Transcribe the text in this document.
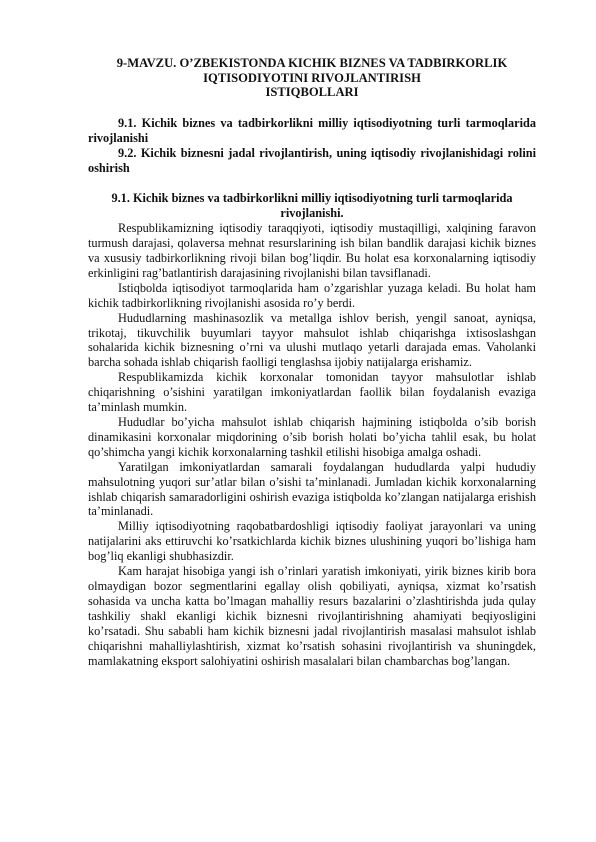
9-MAVZU. O’ZBEKISTONDA KICHIK BIZNES VA TADBIRKORLIK
IQTISODIYOTINI RIVOJLANTIRISH
ISTIQBOLLARI

9.1. Kichik biznes va tadbirkorlikni milliy iqtisodiyotning turli tarmoqlarida rivojlanishi

9.2. Kichik biznesni jadal rivojlantirish, uning iqtisodiy rivojlanishidagi rolini oshirish

9.1. Kichik biznes va tadbirkorlikni milliy iqtisodiyotning turli tarmoqlarida rivojlanishi.

Respublikamizning iqtisodiy taraqqiyoti, iqtisodiy mustaqilligi, xalqining faravon turmush darajasi, qolaversa mehnat resurslarining ish bilan bandlik darajasi kichik biznes va xususiy tadbirkorlikning rivoji bilan bog’liqdir. Bu holat esa korxonalarning iqtisodiy erkinligini rag’batlantirish darajasining rivojlanishi bilan tavsiflanadi.

Istiqbolda iqtisodiyot tarmoqlarida ham o’zgarishlar yuzaga keladi. Bu holat ham kichik tadbirkorlikning rivojlanishi asosida ro’y berdi.

Hududlarning mashinasozlik va metallga ishlov berish, yengil sanoat, ayniqsa, trikotaj, tikuvchilik buyumlari tayyor mahsulot ishlab chiqarishga ixtisoslashgan sohalarida kichik biznesning o’rni va ulushi mutlaqo yetarli darajada emas. Vaholanki barcha sohada ishlab chiqarish faolligi tenglashsa ijobiy natijalarga erishamiz.

Respublikamizda kichik korxonalar tomonidan tayyor mahsulotlar ishlab chiqarishning o’sishini yaratilgan imkoniyatlardan faollik bilan foydalanish evaziga ta’minlash mumkin.

Hududlar bo’yicha mahsulot ishlab chiqarish hajmining istiqbolda o’sib borish dinamikasini korxonalar miqdorining o’sib borish holati bo’yicha tahlil esak, bu holat qo’shimcha yangi kichik korxonalarning tashkil etilishi hisobiga amalga oshadi.

Yaratilgan imkoniyatlardan samarali foydalangan hududlarda yalpi hududiy mahsulotning yuqori sur’atlar bilan o’sishi ta’minlanadi. Jumladan kichik korxonalarning ishlab chiqarish samaradorligini oshirish evaziga istiqbolda ko’zlangan natijalarga erishish ta’minlanadi.

Milliy iqtisodiyotning raqobatbardoshligi iqtisodiy faoliyat jarayonlari va uning natijalarini aks ettiruvchi ko’rsatkichlarda kichik biznes ulushining yuqori bo’lishiga ham bog’liq ekanligi shubhasizdir.

Kam harajat hisobiga yangi ish o’rinlari yaratish imkoniyati, yirik biznes kirib bora olmaydigan bozor segmentlarini egallay olish qobiliyati, ayniqsa, xizmat ko’rsatish sohasida va uncha katta bo’lmagan mahalliy resurs bazalarini o’zlashtirishda juda qulay tashkiliy shakl ekanligi kichik biznesni rivojlantirishning ahamiyati beqiyosligini ko’rsatadi. Shu sababli ham kichik biznesni jadal rivojlantirish masalasi mahsulot ishlab chiqarishni mahalliylashtirish, xizmat ko’rsatish sohasini rivojlantirish va shuningdek, mamlakatning eksport salohiyatini oshirish masalalari bilan chambarchas bog’langan.
